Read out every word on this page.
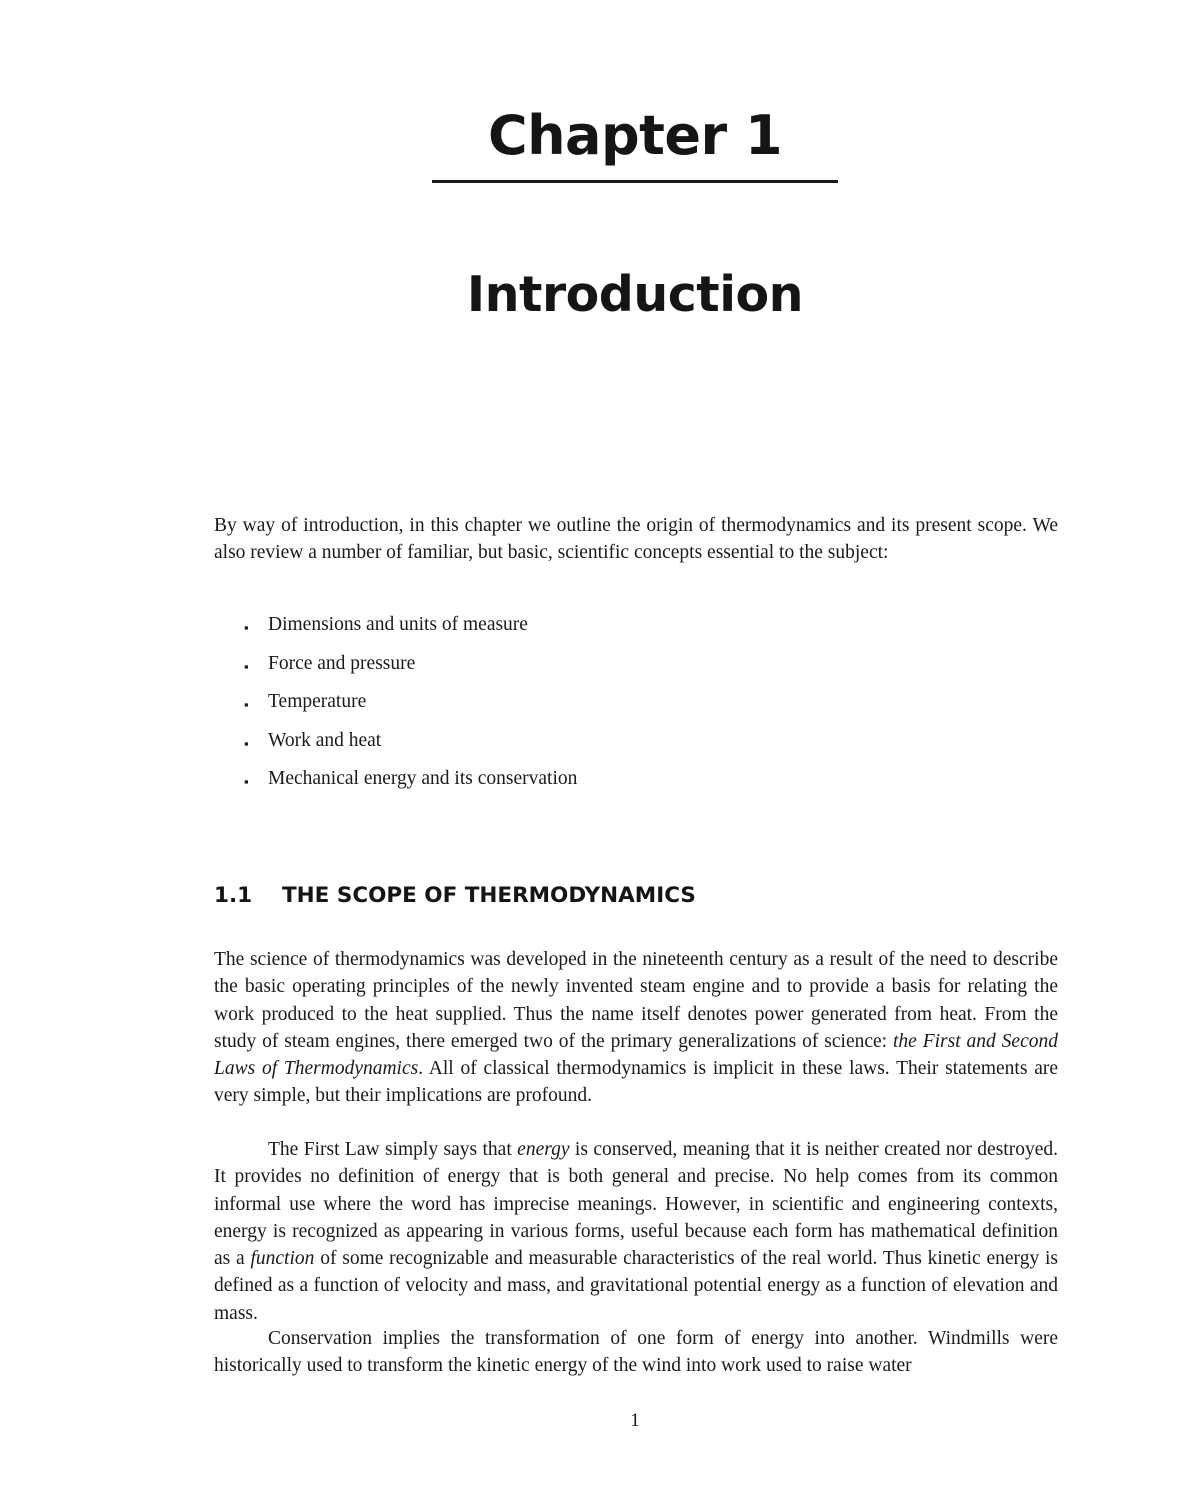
Chapter 1
Introduction

By way of introduction, in this chapter we outline the origin of thermodynamics and its present scope. We also review a number of familiar, but basic, scientific concepts essential to the subject:

▪ Dimensions and units of measure
▪ Force and pressure
▪ Temperature
▪ Work and heat
▪ Mechanical energy and its conservation
1.1	THE SCOPE OF THERMODYNAMICS

The science of thermodynamics was developed in the nineteenth century as a result of the need to describe the basic operating principles of the newly invented steam engine and to provide a basis for relating the work produced to the heat supplied. Thus the name itself denotes power generated from heat. From the study of steam engines, there emerged two of the primary generalizations of science: the First and Second Laws of Thermodynamics. All of classical thermodynamics is implicit in these laws. Their statements are very simple, but their implications are profound.

The First Law simply says that energy is conserved, meaning that it is neither created nor destroyed. It provides no definition of energy that is both general and precise. No help comes from its common informal use where the word has imprecise meanings. However, in scientific and engineering contexts, energy is recognized as appearing in various forms, useful because each form has mathematical definition as a function of some recognizable and measurable characteristics of the real world. Thus kinetic energy is defined as a function of velocity and mass, and gravitational potential energy as a function of elevation and mass.

Conservation implies the transformation of one form of energy into another. Windmills were historically used to transform the kinetic energy of the wind into work used to raise water

1
